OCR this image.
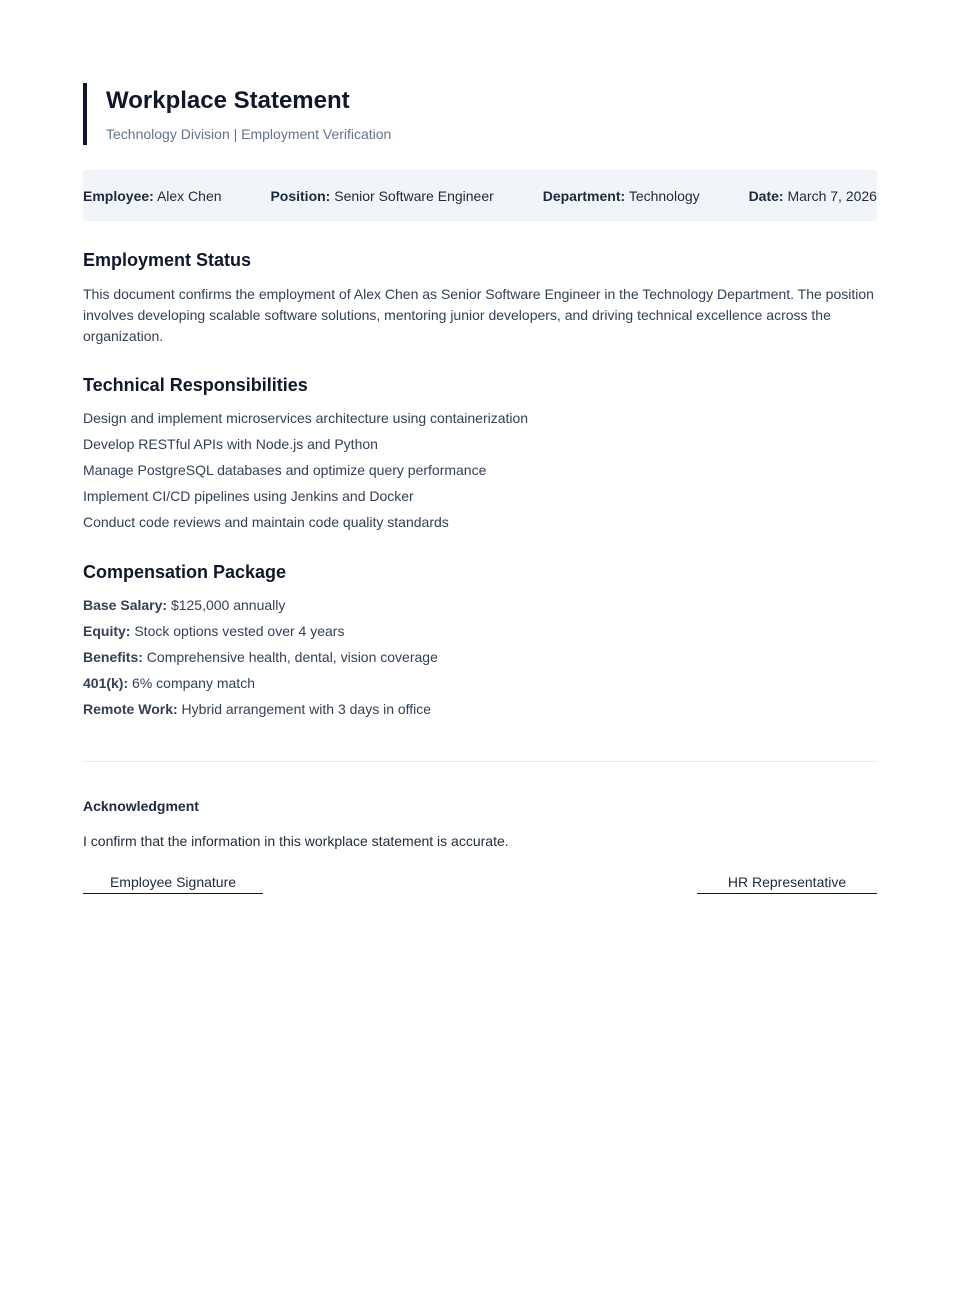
Workplace Statement
Technology Division | Employment Verification
Employee: Alex Chen	Position: Senior Software Engineer	Department: Technology	Date: March 7, 2026
Employment Status

This document confirms the employment of Alex Chen as Senior Software Engineer in the Technology Department. The position involves developing scalable software solutions, mentoring junior developers, and driving technical excellence across the organization.

Technical Responsibilities
Design and implement microservices architecture using containerization
Develop RESTful APIs with Node.js and Python
Manage PostgreSQL databases and optimize query performance
Implement CI/CD pipelines using Jenkins and Docker
Conduct code reviews and maintain code quality standards
Compensation Package
Base Salary: $125,000 annually
Equity: Stock options vested over 4 years
Benefits: Comprehensive health, dental, vision coverage
401(k): 6% company match
Remote Work: Hybrid arrangement with 3 days in office
Acknowledgment
I confirm that the information in this workplace statement is accurate.
Employee Signature	HR Representative
